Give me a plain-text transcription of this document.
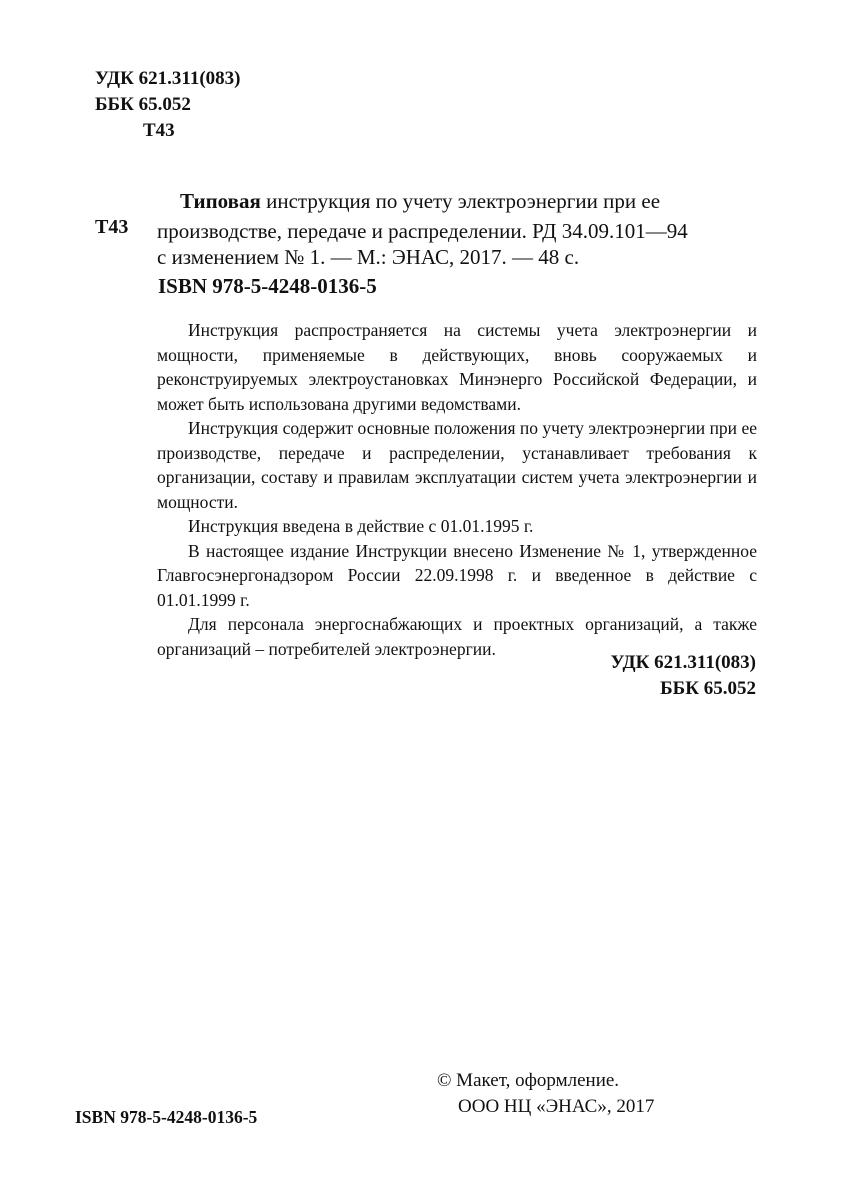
УДК 621.311(083)
ББК 65.052
Т43
Т43
Типовая инструкция по учету электроэнергии при ее
производстве, передаче и распределении. РД 34.09.101—94
с изменением № 1. — М.: ЭНАС, 2017. — 48 с.
ISBN 978-5-4248-0136-5

Инструкция распространяется на системы учета электроэнергии и мощности, применяемые в действующих, вновь сооружаемых и реконструируемых электроустановках Минэнерго Российской Федерации, и может быть использована другими ведомствами.

Инструкция содержит основные положения по учету электроэнергии при ее производстве, передаче и распределении, устанавливает требования к организации, составу и правилам эксплуатации систем учета электроэнергии и мощности.

Инструкция введена в действие с 01.01.1995 г.

В настоящее издание Инструкции внесено Изменение № 1, утвержденное Главгосэнергонадзором России 22.09.1998 г. и введенное в действие с 01.01.1999 г.

Для персонала энергоснабжающих и проектных организаций, а также организаций – потребителей электроэнергии.

УДК 621.311(083)
ББК 65.052
© Макет, оформление.
ООО НЦ «ЭНАС», 2017
ISBN 978-5-4248-0136-5
